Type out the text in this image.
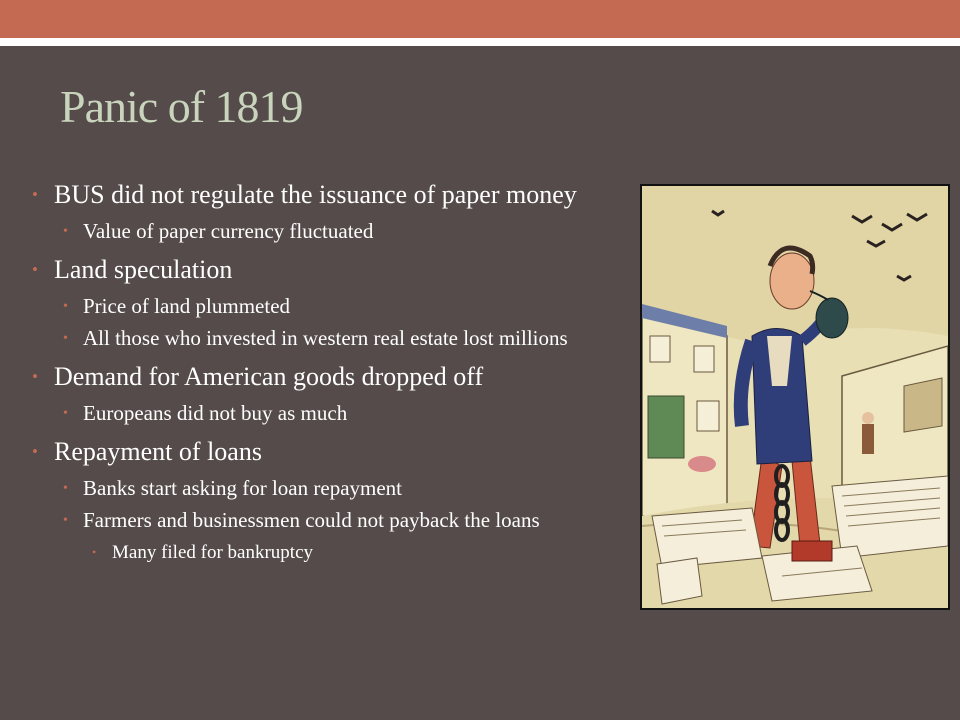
Panic of 1819
• BUS did not regulate the issuance of paper money
• Value of paper currency fluctuated
• Land speculation
• Price of land plummeted
• All those who invested in western real estate lost millions
• Demand for American goods dropped off
• Europeans did not buy as much
• Repayment of loans
• Banks start asking for loan repayment
• Farmers and businessmen could not payback the loans
• Many filed for bankruptcy
